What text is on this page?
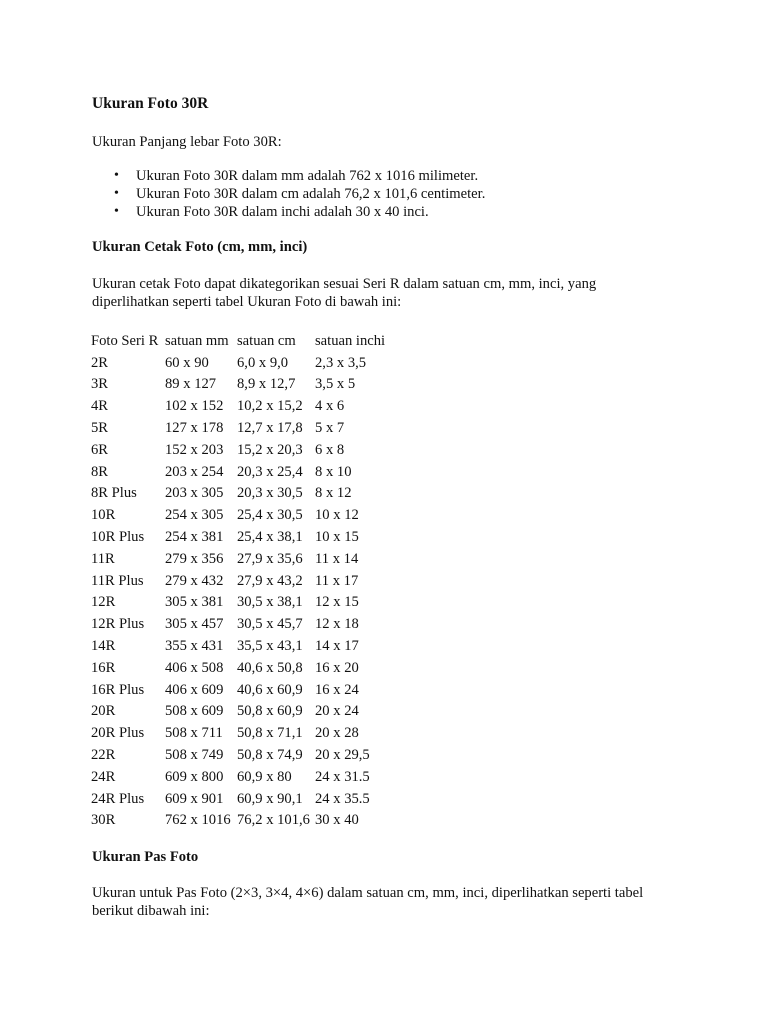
Ukuran Foto 30R

Ukuran Panjang lebar Foto 30R:

• Ukuran Foto 30R dalam mm adalah 762 x 1016 milimeter.
• Ukuran Foto 30R dalam cm adalah 76,2 x 101,6 centimeter.
• Ukuran Foto 30R dalam inchi adalah 30 x 40 inci.
Ukuran Cetak Foto (cm, mm, inci)

Ukuran cetak Foto dapat dikategorikan sesuai Seri R dalam satuan cm, mm, inci, yang diperlihatkan seperti tabel Ukuran Foto di bawah ini:

Foto Seri R	satuan mm	satuan cm	satuan inchi
2R	60 x 90	6,0 x 9,0	2,3 x 3,5
3R	89 x 127	8,9 x 12,7	3,5 x 5
4R	102 x 152	10,2 x 15,2	4 x 6
5R	127 x 178	12,7 x 17,8	5 x 7
6R	152 x 203	15,2 x 20,3	6 x 8
8R	203 x 254	20,3 x 25,4	8 x 10
8R Plus	203 x 305	20,3 x 30,5	8 x 12
10R	254 x 305	25,4 x 30,5	10 x 12
10R Plus	254 x 381	25,4 x 38,1	10 x 15
11R	279 x 356	27,9 x 35,6	11 x 14
11R Plus	279 x 432	27,9 x 43,2	11 x 17
12R	305 x 381	30,5 x 38,1	12 x 15
12R Plus	305 x 457	30,5 x 45,7	12 x 18
14R	355 x 431	35,5 x 43,1	14 x 17
16R	406 x 508	40,6 x 50,8	16 x 20
16R Plus	406 x 609	40,6 x 60,9	16 x 24
20R	508 x 609	50,8 x 60,9	20 x 24
20R Plus	508 x 711	50,8 x 71,1	20 x 28
22R	508 x 749	50,8 x 74,9	20 x 29,5
24R	609 x 800	60,9 x 80	24 x 31.5
24R Plus	609 x 901	60,9 x 90,1	24 x 35.5
30R	762 x 1016	76,2 x 101,6	30 x 40
Ukuran Pas Foto

Ukuran untuk Pas Foto (2×3, 3×4, 4×6) dalam satuan cm, mm, inci, diperlihatkan seperti tabel berikut dibawah ini:
